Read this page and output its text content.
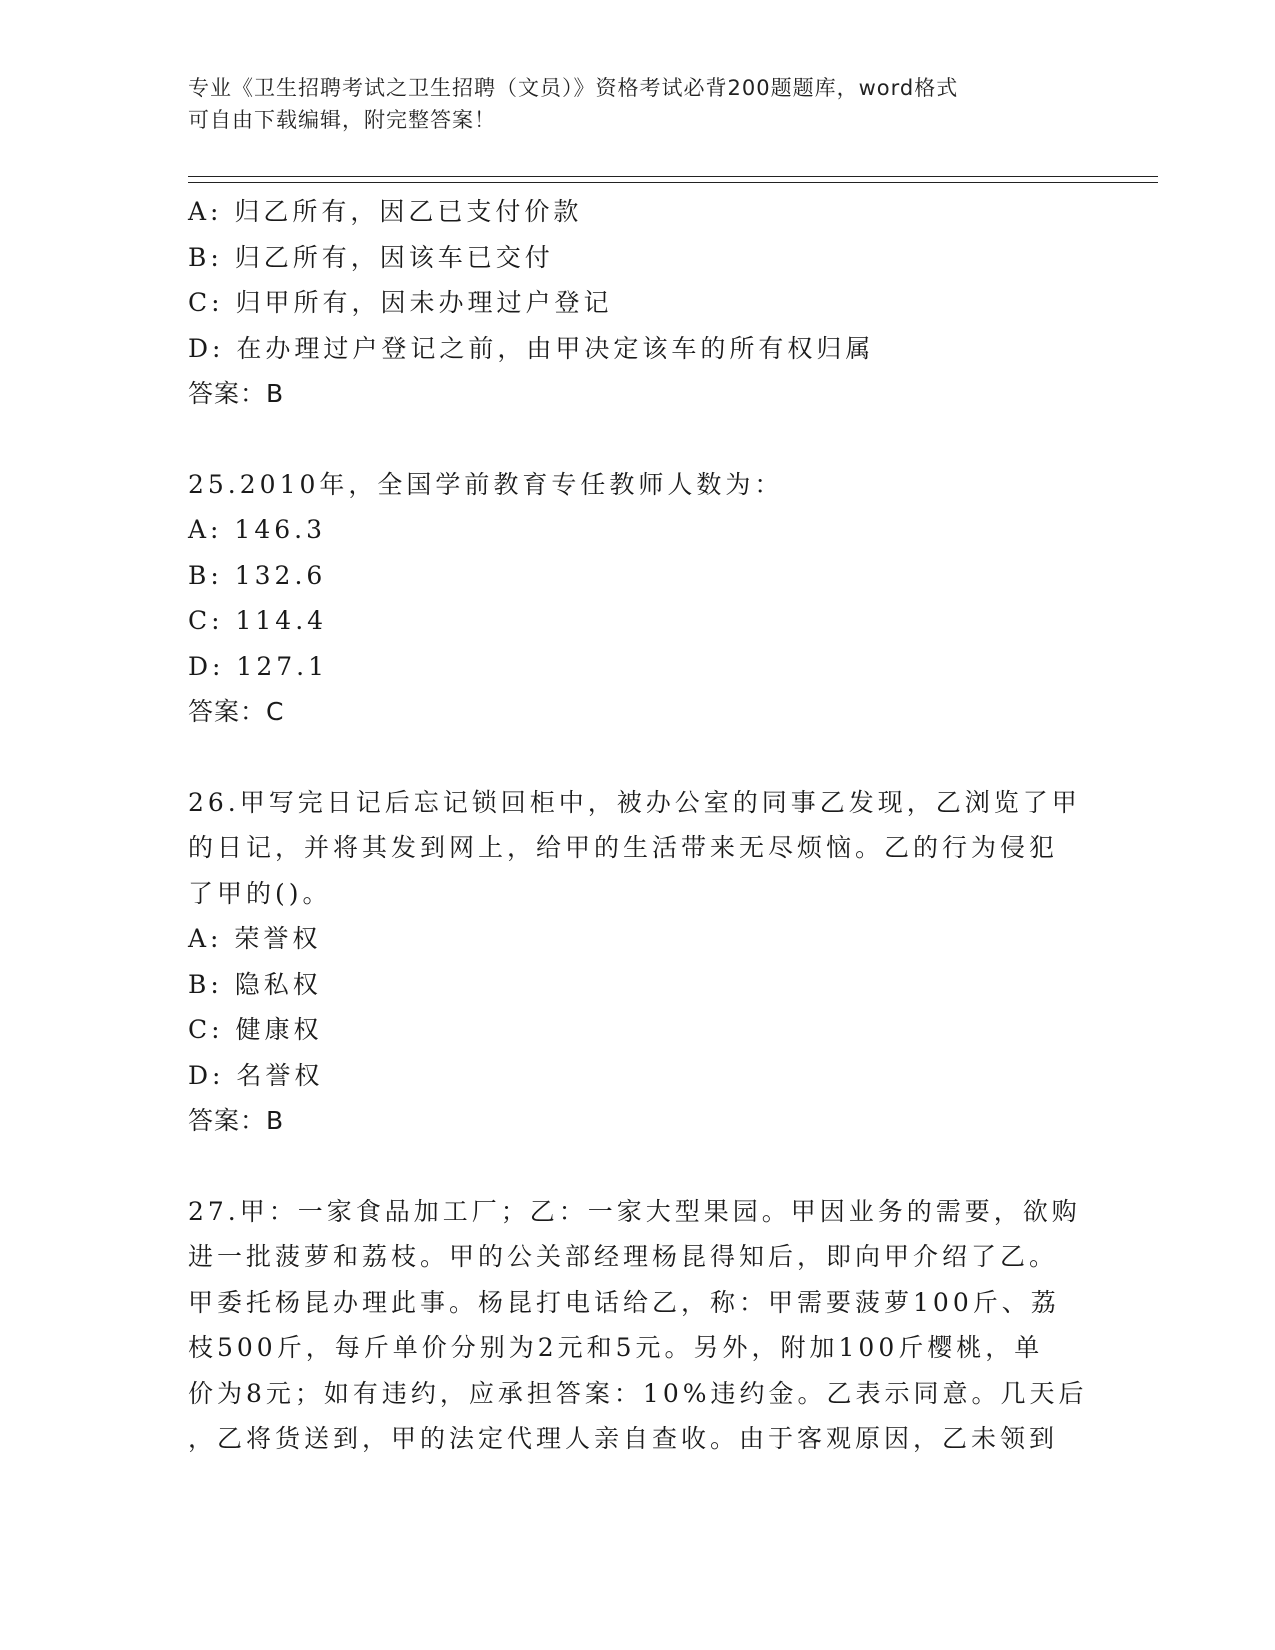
专业《卫生招聘考试之卫生招聘（文员）》资格考试必背200题题库，word格式
可自由下载编辑，附完整答案！
A: 归乙所有，因乙已支付价款
B: 归乙所有，因该车已交付
C: 归甲所有，因未办理过户登记
D: 在办理过户登记之前，由甲决定该车的所有权归属
答案：B
25.2010年，全国学前教育专任教师人数为：
A: 146.3
B: 132.6
C: 114.4
D: 127.1
答案：C
26.甲写完日记后忘记锁回柜中，被办公室的同事乙发现，乙浏览了甲
的日记，并将其发到网上，给甲的生活带来无尽烦恼。乙的行为侵犯
了甲的()。
A: 荣誉权
B: 隐私权
C: 健康权
D: 名誉权
答案：B
27.甲：一家食品加工厂；乙：一家大型果园。甲因业务的需要，欲购
进一批菠萝和荔枝。甲的公关部经理杨昆得知后，即向甲介绍了乙。
甲委托杨昆办理此事。杨昆打电话给乙，称：甲需要菠萝100斤、荔
枝500斤，每斤单价分别为2元和5元。另外，附加100斤樱桃，单
价为8元；如有违约，应承担答案：10%违约金。乙表示同意。几天后
，乙将货送到，甲的法定代理人亲自查收。由于客观原因，乙未领到
